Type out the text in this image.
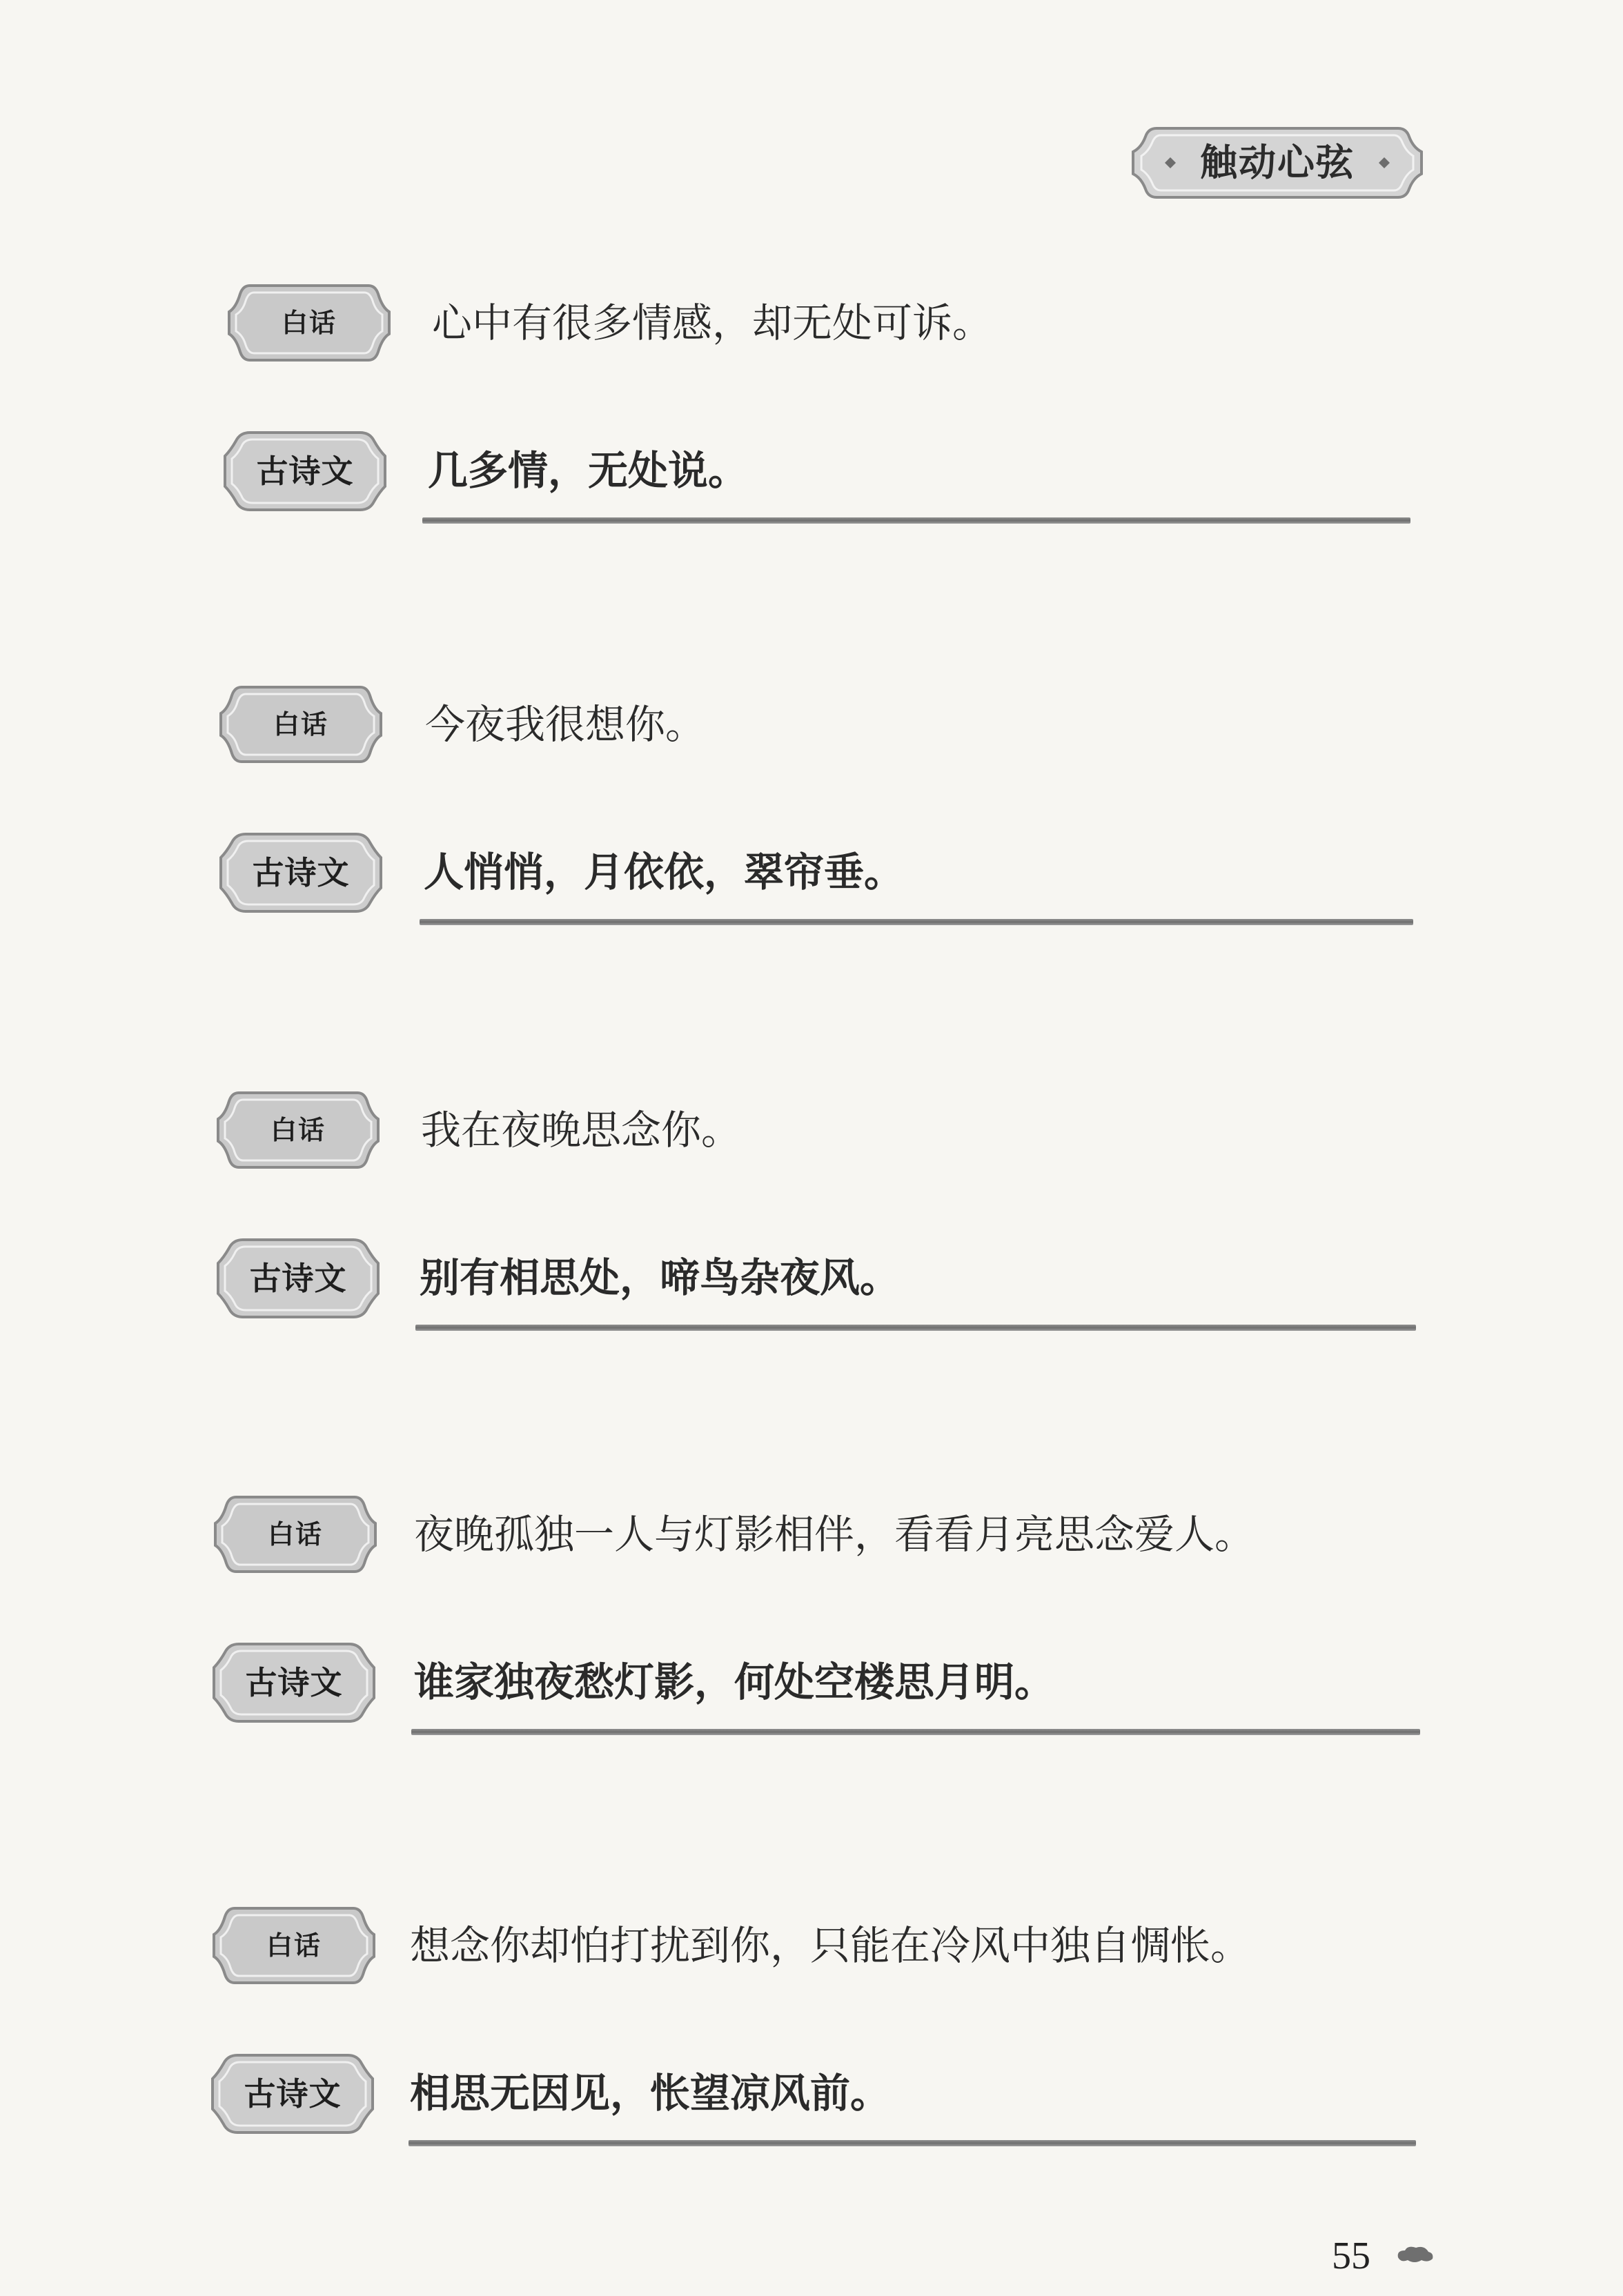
触动心弦
白话	心中有很多情感，却无处可诉。
古诗文	几多情，无处说。
白话	今夜我很想你。
古诗文	人悄悄，月依依，翠帘垂。
白话	我在夜晚思念你。
古诗文	别有相思处，啼鸟杂夜风。
白话	夜晚孤独一人与灯影相伴，看看月亮思念爱人。
古诗文	谁家独夜愁灯影，何处空楼思月明。
白话	想念你却怕打扰到你，只能在冷风中独自惆怅。
古诗文	相思无因见，怅望凉风前。
55
